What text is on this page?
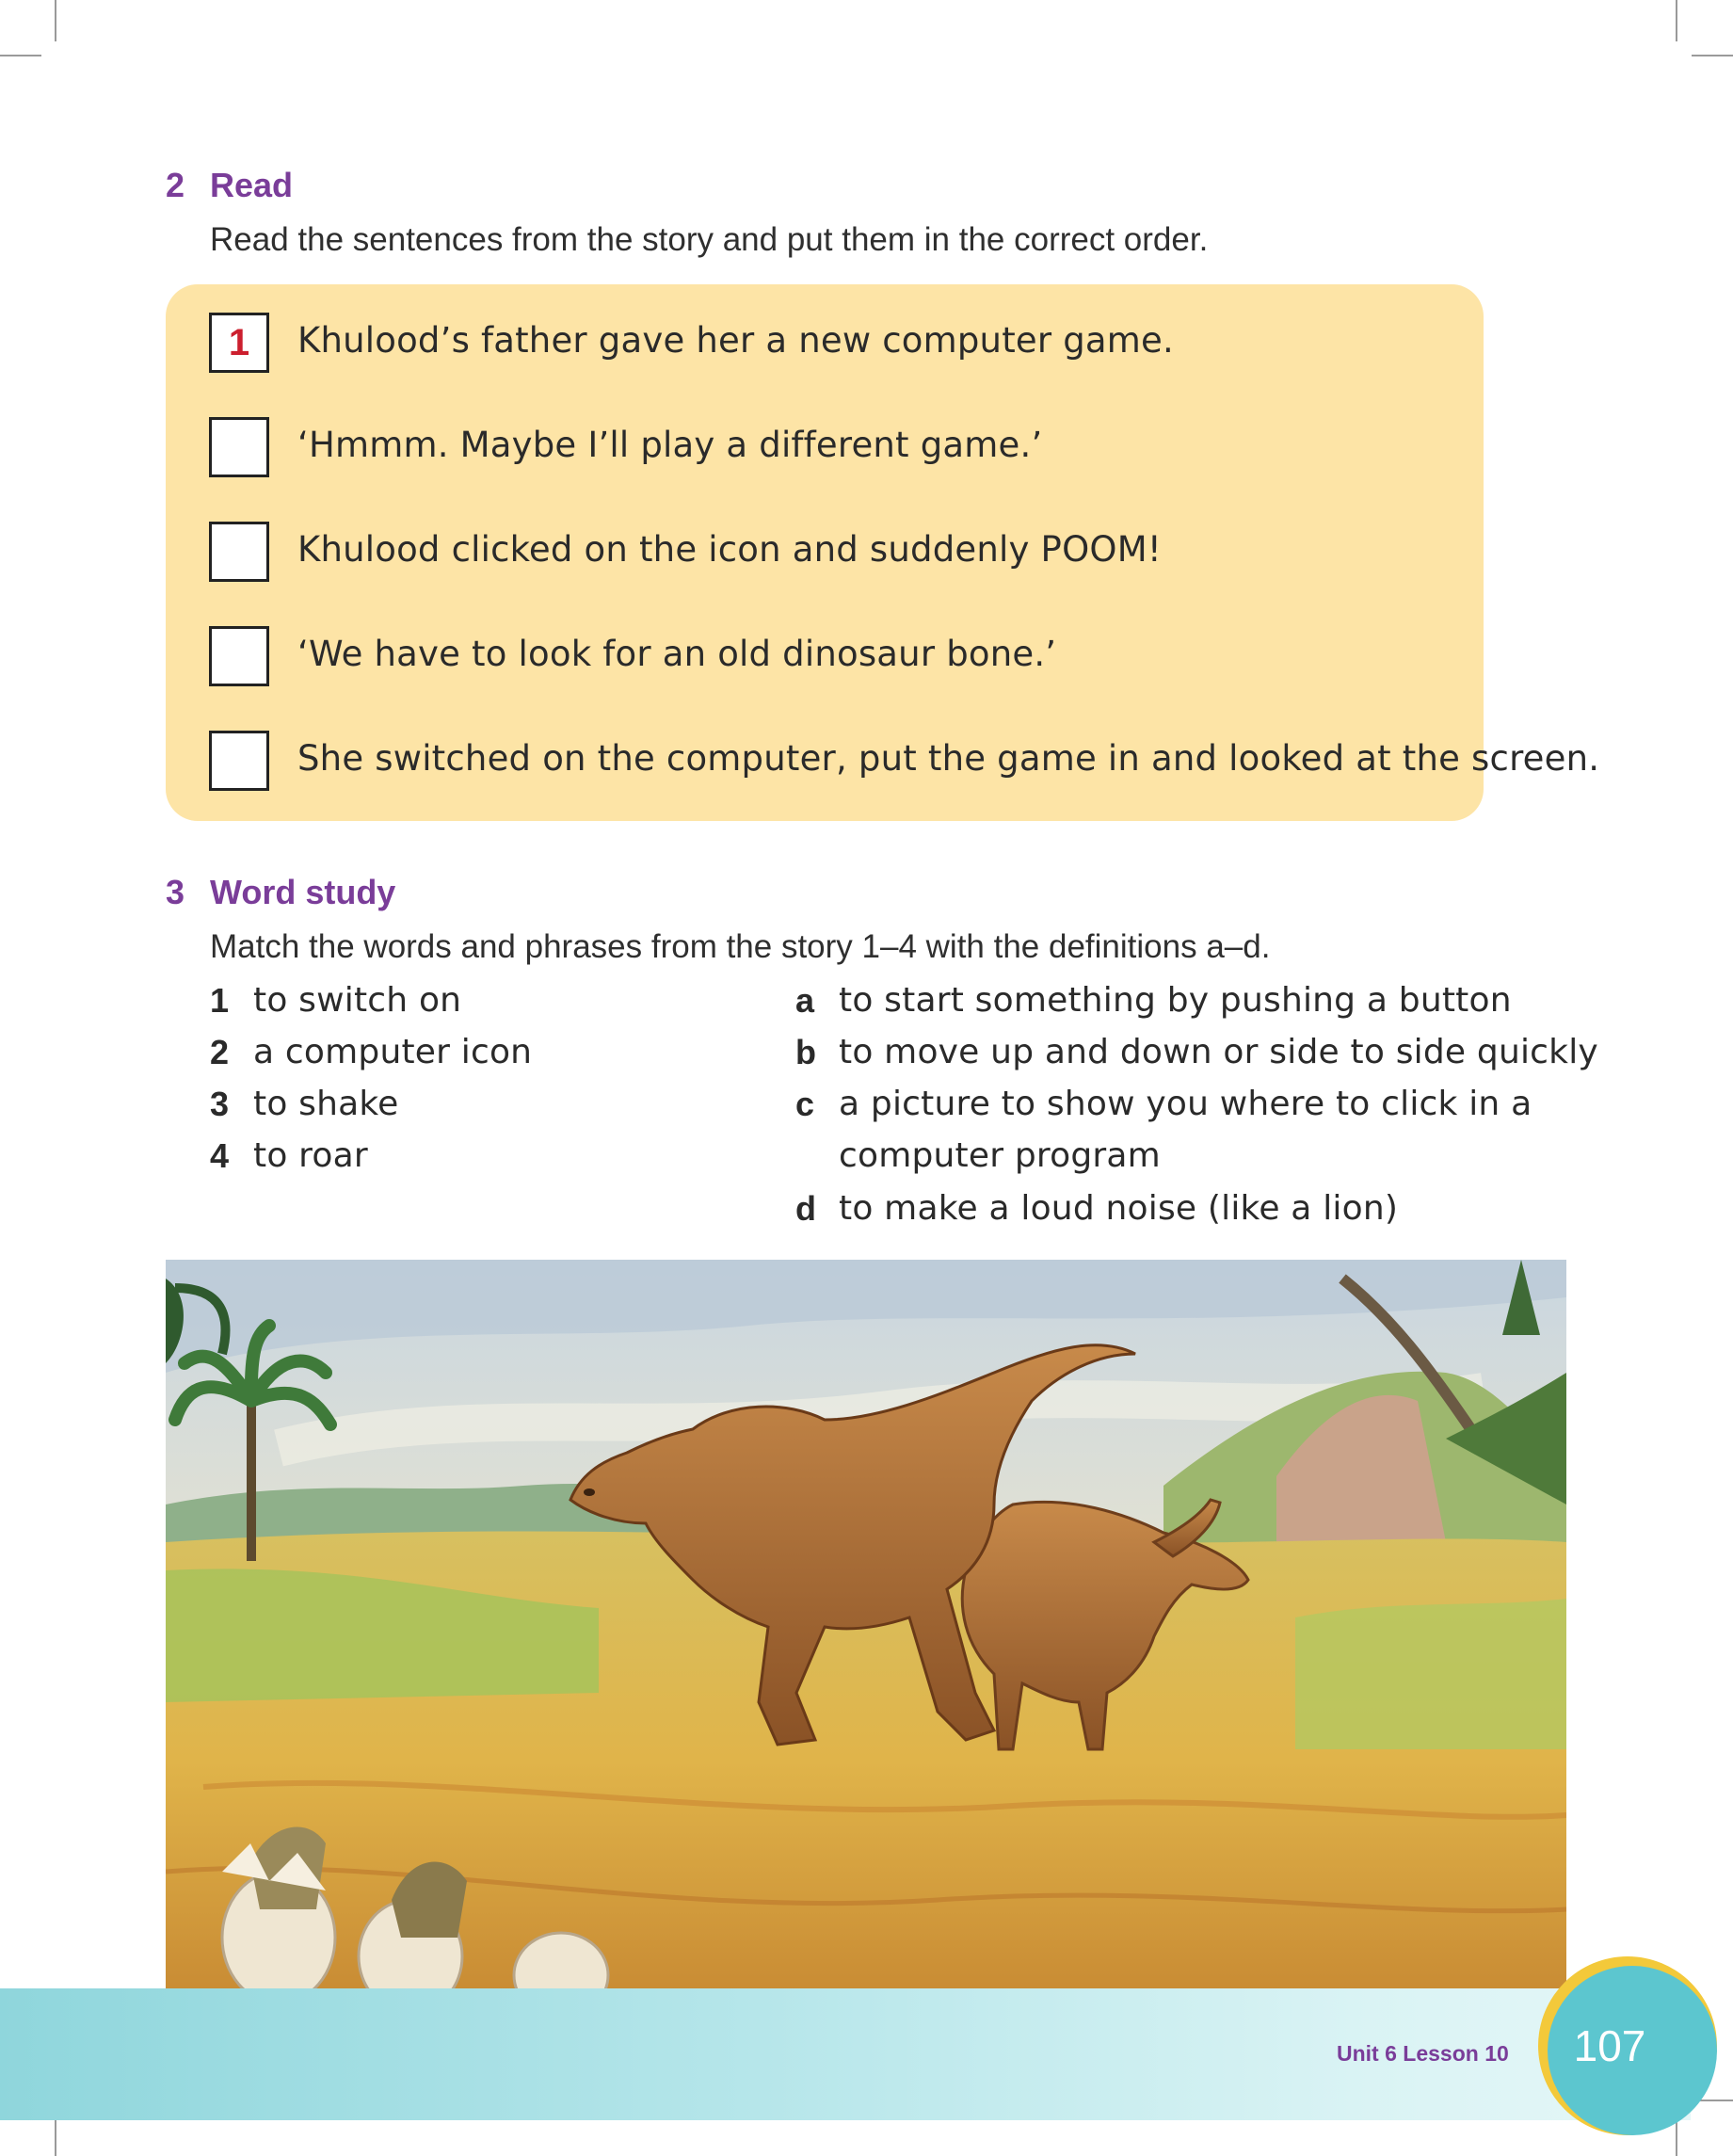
2 Read
Read the sentences from the story and put them in the correct order.
1	Khulood’s father gave her a new computer game.
‘Hmmm. Maybe I’ll play a different game.’
Khulood clicked on the icon and suddenly POOM!
‘We have to look for an old dinosaur bone.’
She switched on the computer, put the game in and looked at the screen.
3 Word study
Match the words and phrases from the story 1–4 with the definitions a–d.
1 to switch on
2 a computer icon
3 to shake
4 to roar
a to start something by pushing a button
b to move up and down or side to side quickly
c a picture to show you where to click in a
computer program
d to make a loud noise (like a lion)
Unit 6 Lesson 10	107
